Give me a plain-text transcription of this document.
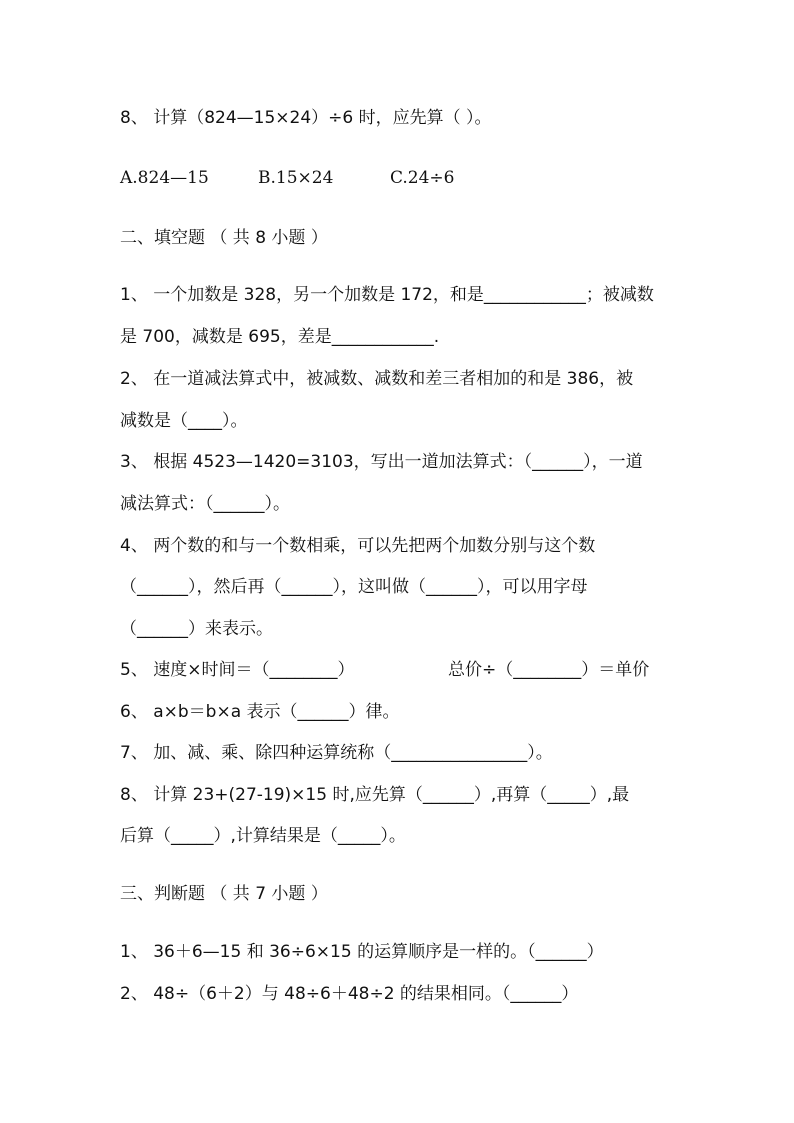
8、 计算（824—15×24）÷6 时，应先算（ ）。
A.824—15	B.15×24	C.24÷6
二、填空题 （ 共 8 小题 ）
1、 一个加数是 328，另一个加数是 172，和是____________；被减数
是 700，减数是 695，差是____________.
2、 在一道减法算式中，被减数、减数和差三者相加的和是 386，被
减数是（____）。
3、 根据 4523—1420=3103，写出一道加法算式：（______），一道
减法算式：（______）。
4、 两个数的和与一个数相乘，可以先把两个加数分别与这个数
（______），然后再（______），这叫做（______），可以用字母
（______）来表示。
5、 速度×时间＝（________）	总价÷（________）＝单价
6、 a×b＝b×a 表示（______）律。
7、 加、减、乘、除四种运算统称（________________）。
8、 计算 23+(27-19)×15 时,应先算（______）,再算（_____）,最
后算（_____）,计算结果是（_____）。
三、判断题 （ 共 7 小题 ）
1、 36＋6—15 和 36÷6×15 的运算顺序是一样的。（______）
2、 48÷（6＋2）与 48÷6＋48÷2 的结果相同。（______）
